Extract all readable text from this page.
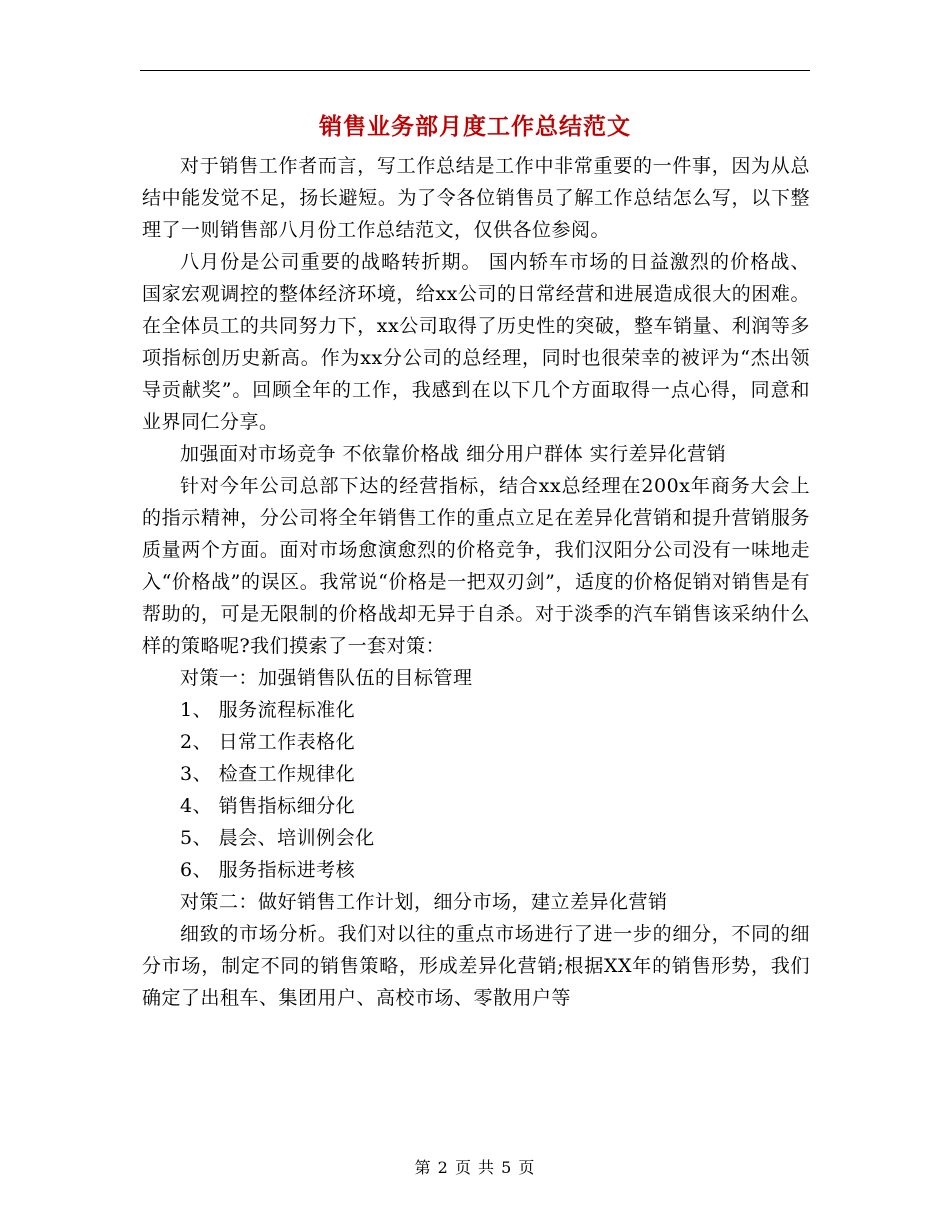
销售业务部月度工作总结范文

对于销售工作者而言，写工作总结是工作中非常重要的一件事，因为从总结中能发觉不足，扬长避短。为了令各位销售员了解工作总结怎么写，以下整理了一则销售部八月份工作总结范文，仅供各位参阅。

八月份是公司重要的战略转折期。 国内轿车市场的日益激烈的价格战、国家宏观调控的整体经济环境，给xx公司的日常经营和进展造成很大的困难。在全体员工的共同努力下，xx公司取得了历史性的突破，整车销量、利润等多项指标创历史新高。作为xx分公司的总经理，同时也很荣幸的被评为“杰出领导贡献奖”。回顾全年的工作，我感到在以下几个方面取得一点心得，同意和业界同仁分享。

加强面对市场竞争 不依靠价格战 细分用户群体 实行差异化营销

针对今年公司总部下达的经营指标，结合xx总经理在200x年商务大会上的指示精神，分公司将全年销售工作的重点立足在差异化营销和提升营销服务质量两个方面。面对市场愈演愈烈的价格竞争，我们汉阳分公司没有一味地走入“价格战”的误区。我常说“价格是一把双刃剑”，适度的价格促销对销售是有帮助的，可是无限制的价格战却无异于自杀。对于淡季的汽车销售该采纳什么样的策略呢?我们摸索了一套对策：

对策一：加强销售队伍的目标管理

1、 服务流程标准化

2、 日常工作表格化

3、 检查工作规律化

4、 销售指标细分化

5、 晨会、培训例会化

6、 服务指标进考核

对策二：做好销售工作计划，细分市场，建立差异化营销

细致的市场分析。我们对以往的重点市场进行了进一步的细分，不同的细分市场，制定不同的销售策略，形成差异化营销;根据XX年的销售形势，我们确定了出租车、集团用户、高校市场、零散用户等

第 2 页 共 5 页
